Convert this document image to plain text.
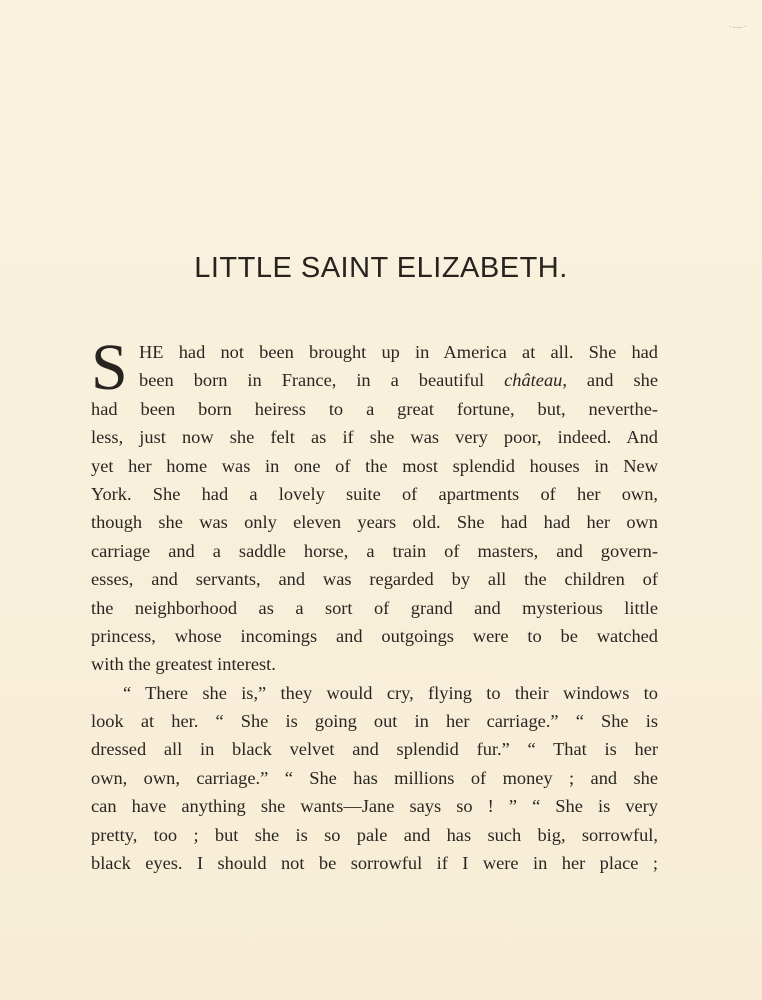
·—·
LITTLE SAINT ELIZABETH.
S HE had not been brought up in America at all. She had
been born in France, in a beautiful château, and she
had been born heiress to a great fortune, but, neverthe-
less, just now she felt as if she was very poor, indeed. And
yet her home was in one of the most splendid houses in New
York. She had a lovely suite of apartments of her own,
though she was only eleven years old. She had had her own
carriage and a saddle horse, a train of masters, and govern-
esses, and servants, and was regarded by all the children of
the neighborhood as a sort of grand and mysterious little
princess, whose incomings and outgoings were to be watched
with the greatest interest.
“ There she is,” they would cry, flying to their windows to
look at her. “ She is going out in her carriage.” “ She is
dressed all in black velvet and splendid fur.” “ That is her
own, own, carriage.” “ She has millions of money ; and she
can have anything she wants—Jane says so ! ” “ She is very
pretty, too ; but she is so pale and has such big, sorrowful,
black eyes. I should not be sorrowful if I were in her place ;
